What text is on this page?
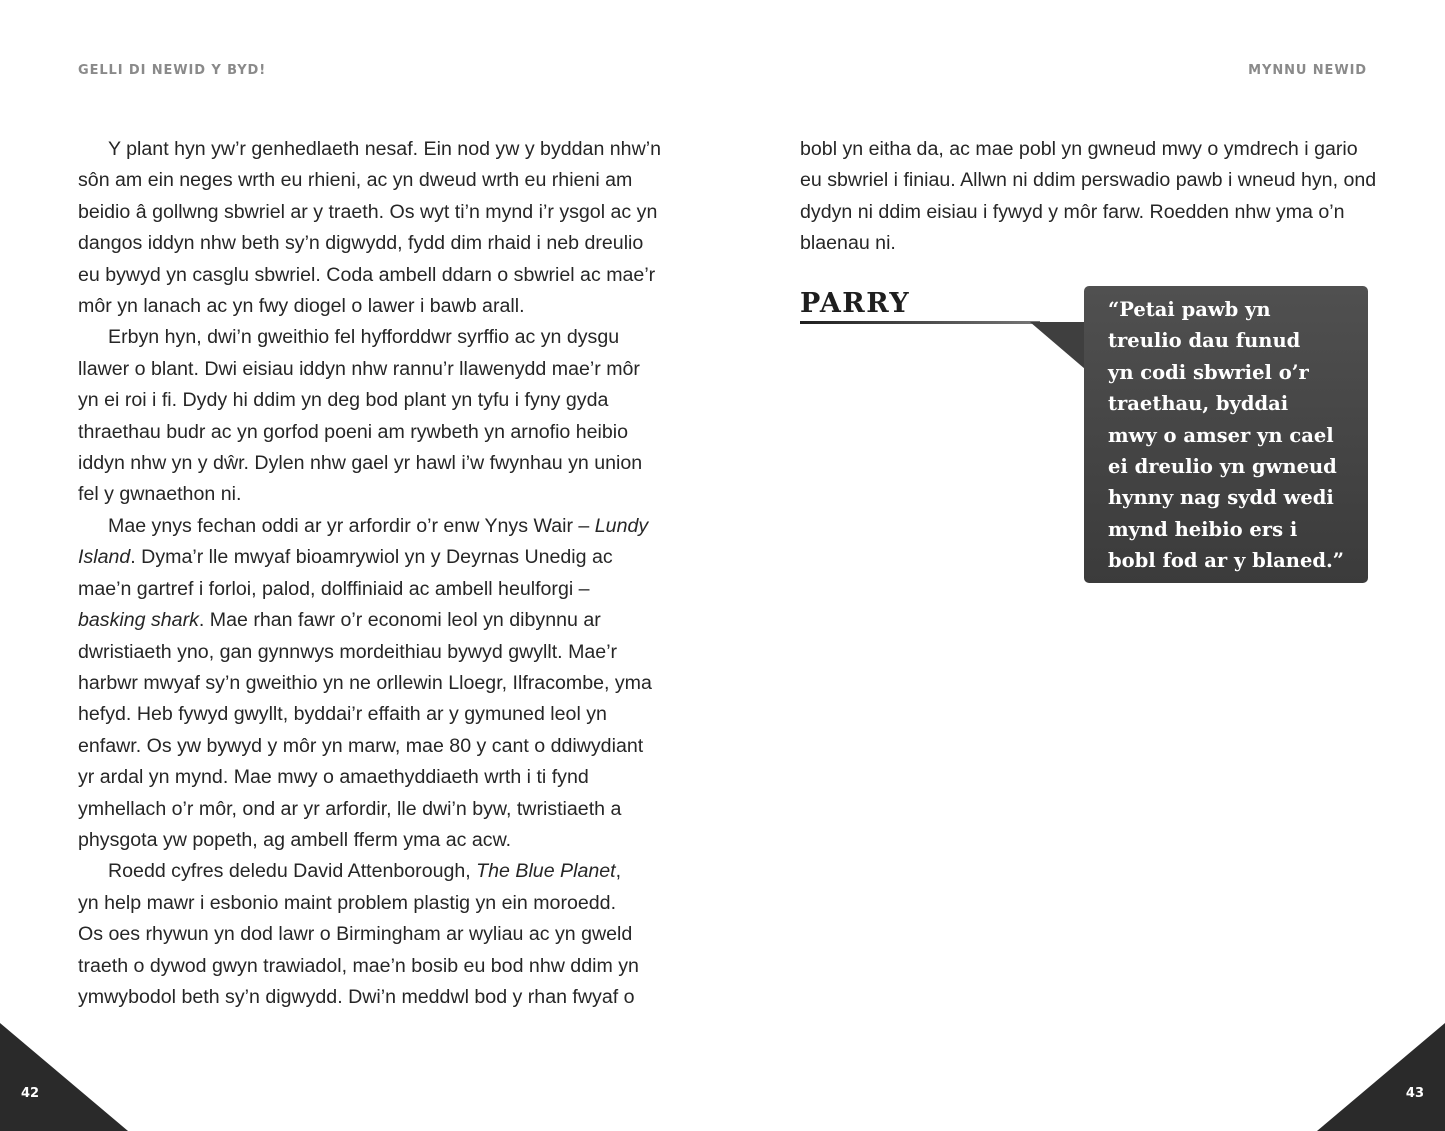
GELLI DI NEWID Y BYD!	MYNNU NEWID

Y plant hyn yw’r genhedlaeth nesaf. Ein nod yw y byddan nhw’n
sôn am ein neges wrth eu rhieni, ac yn dweud wrth eu rhieni am
beidio â gollwng sbwriel ar y traeth. Os wyt ti’n mynd i’r ysgol ac yn
dangos iddyn nhw beth sy’n digwydd, fydd dim rhaid i neb dreulio
eu bywyd yn casglu sbwriel. Coda ambell ddarn o sbwriel ac mae’r
môr yn lanach ac yn fwy diogel o lawer i bawb arall.

Erbyn hyn, dwi’n gweithio fel hyfforddwr syrffio ac yn dysgu
llawer o blant. Dwi eisiau iddyn nhw rannu’r llawenydd mae’r môr
yn ei roi i fi. Dydy hi ddim yn deg bod plant yn tyfu i fyny gyda
thraethau budr ac yn gorfod poeni am rywbeth yn arnofio heibio
iddyn nhw yn y dŵr. Dylen nhw gael yr hawl i’w fwynhau yn union
fel y gwnaethon ni.

Mae ynys fechan oddi ar yr arfordir o’r enw Ynys Wair – Lundy
Island. Dyma’r lle mwyaf bioamrywiol yn y Deyrnas Unedig ac
mae’n gartref i forloi, palod, dolffiniaid ac ambell heulforgi –
basking shark. Mae rhan fawr o’r economi leol yn dibynnu ar
dwristiaeth yno, gan gynnwys mordeithiau bywyd gwyllt. Mae’r
harbwr mwyaf sy’n gweithio yn ne orllewin Lloegr, Ilfracombe, yma
hefyd. Heb fywyd gwyllt, byddai’r effaith ar y gymuned leol yn
enfawr. Os yw bywyd y môr yn marw, mae 80 y cant o ddiwydiant
yr ardal yn mynd. Mae mwy o amaethyddiaeth wrth i ti fynd
ymhellach o’r môr, ond ar yr arfordir, lle dwi’n byw, twristiaeth a
physgota yw popeth, ag ambell fferm yma ac acw.

Roedd cyfres deledu David Attenborough, The Blue Planet,
yn help mawr i esbonio maint problem plastig yn ein moroedd.
Os oes rhywun yn dod lawr o Birmingham ar wyliau ac yn gweld
traeth o dywod gwyn trawiadol, mae’n bosib eu bod nhw ddim yn
ymwybodol beth sy’n digwydd. Dwi’n meddwl bod y rhan fwyaf o

bobl yn eitha da, ac mae pobl yn gwneud mwy o ymdrech i gario
eu sbwriel i finiau. Allwn ni ddim perswadio pawb i wneud hyn, ond
dydyn ni ddim eisiau i fywyd y môr farw. Roedden nhw yma o’n
blaenau ni.

PARRY	“Petai pawb yn
treulio dau funud
yn codi sbwriel o’r
traethau, byddai
mwy o amser yn cael
ei dreulio yn gwneud
hynny nag sydd wedi
mynd heibio ers i
bobl fod ar y blaned.”
42	43
